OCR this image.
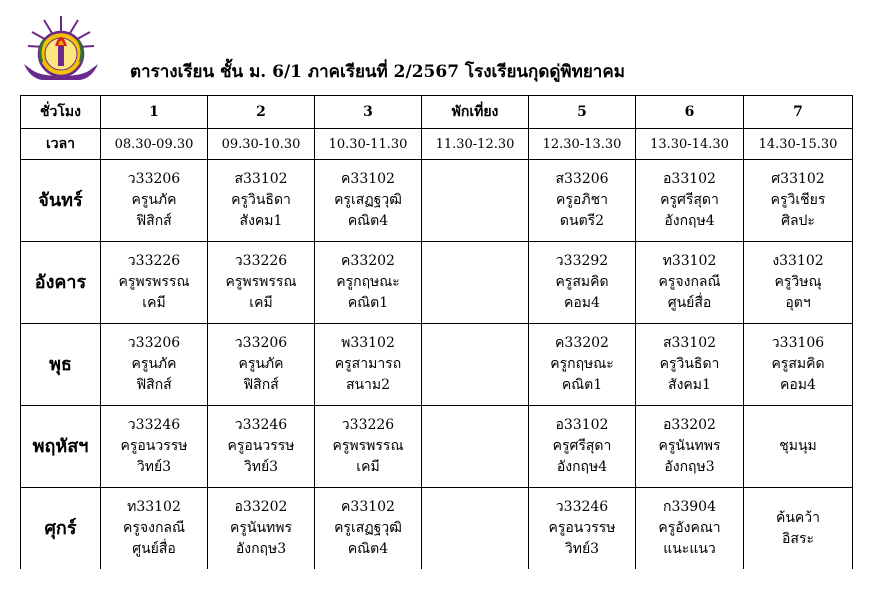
ตารางเรียน ชั้น ม. 6/1 ภาคเรียนที่ 2/2567 โรงเรียนกุดดู่พิทยาคม
ชั่วโมง	1	2	3	พักเที่ยง	5	6	7
เวลา	08.30-09.30	09.30-10.30	10.30-11.30	11.30-12.30	12.30-13.30	13.30-14.30	14.30-15.30
จันทร์	ว33206
ครูนภัค
ฟิสิกส์	ส33102
ครูวินธิดา
สังคม1	ค33102
ครูเสฏฐวุฒิ
คณิต4		ส33206
ครูอภิชา
ดนตรี2	อ33102
ครูศรีสุดา
อังกฤษ4	ศ33102
ครูวิเชียร
ศิลปะ

อังคาร	ว33226
ครูพรพรรณ
เคมี	ว33226
ครูพรพรรณ
เคมี	ค33202
ครูกฤษณะ
คณิต1		ว33292
ครูสมคิด
คอม4	ท33102
ครูจงกลณี
ศูนย์สื่อ	ง33102
ครูวิษณุ
อุตฯ

พุธ	ว33206
ครูนภัค
ฟิสิกส์	ว33206
ครูนภัค
ฟิสิกส์	พ33102
ครูสามารถ
สนาม2		ค33202
ครูกฤษณะ
คณิต1	ส33102
ครูวินธิดา
สังคม1	ว33106
ครูสมคิด
คอม4

พฤหัสฯ	ว33246
ครูอนวรรษ
วิทย์3	ว33246
ครูอนวรรษ
วิทย์3	ว33226
ครูพรพรรณ
เคมี		อ33102
ครูศรีสุดา
อังกฤษ4	อ33202
ครูนันทพร
อังกฤษ3	ชุมนุม

ศุกร์	ท33102
ครูจงกลณี
ศูนย์สื่อ	อ33202
ครูนันทพร
อังกฤษ3	ค33102
ครูเสฏฐวุฒิ
คณิต4		ว33246
ครูอนวรรษ
วิทย์3	ก33904
ครูอังคณา
แนะแนว	ค้นคว้า
อิสระ
